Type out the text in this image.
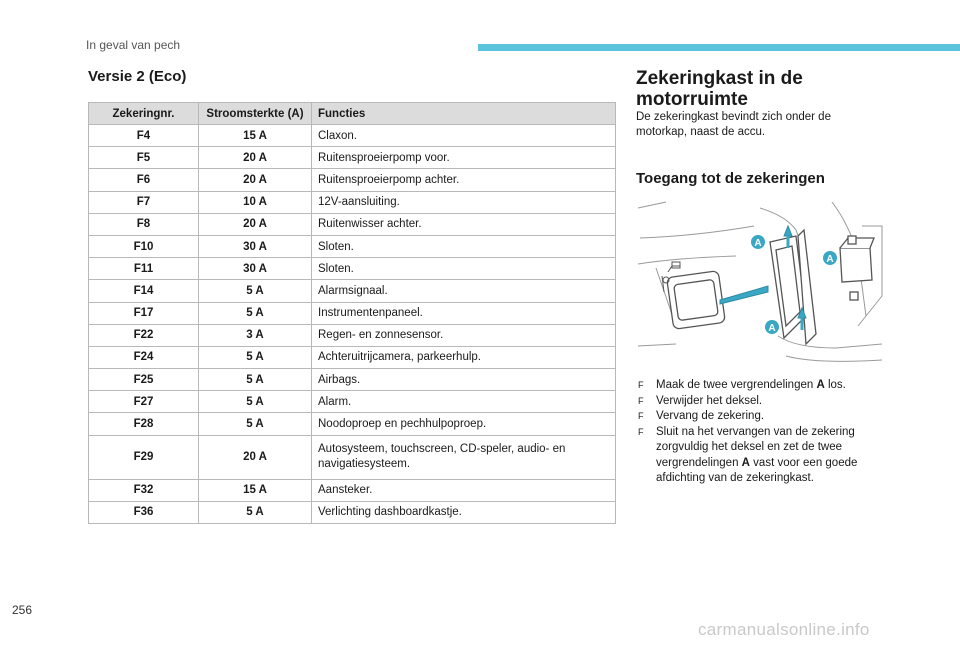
In geval van pech
Versie 2 (Eco)
Zekeringnr.	Stroomsterkte (A)	Functies
F4	15 A	Claxon.
F5	20 A	Ruitensproeierpomp voor.
F6	20 A	Ruitensproeierpomp achter.
F7	10 A	12V-aansluiting.
F8	20 A	Ruitenwisser achter.
F10	30 A	Sloten.
F11	30 A	Sloten.
F14	5 A	Alarmsignaal.
F17	5 A	Instrumentenpaneel.
F22	3 A	Regen- en zonnesensor.
F24	5 A	Achteruitrijcamera, parkeerhulp.
F25	5 A	Airbags.
F27	5 A	Alarm.
F28	5 A	Noodoproep en pechhulpoproep.
F29	20 A	Autosysteem, touchscreen, CD-speler, audio- en navigatiesysteem.
F32	15 A	Aansteker.
F36	5 A	Verlichting dashboardkastje.
Zekeringkast in de motorruimte
De zekeringkast bevindt zich onder de motorkap, naast de accu.
Toegang tot de zekeringen
A
A
A
F Maak de twee vergrendelingen A los.
F Verwijder het deksel.
F Vervang de zekering.
F Sluit na het vervangen van de zekering zorgvuldig het deksel en zet de twee vergrendelingen A vast voor een goede afdichting van de zekeringkast.
256
carmanualsonline.info
